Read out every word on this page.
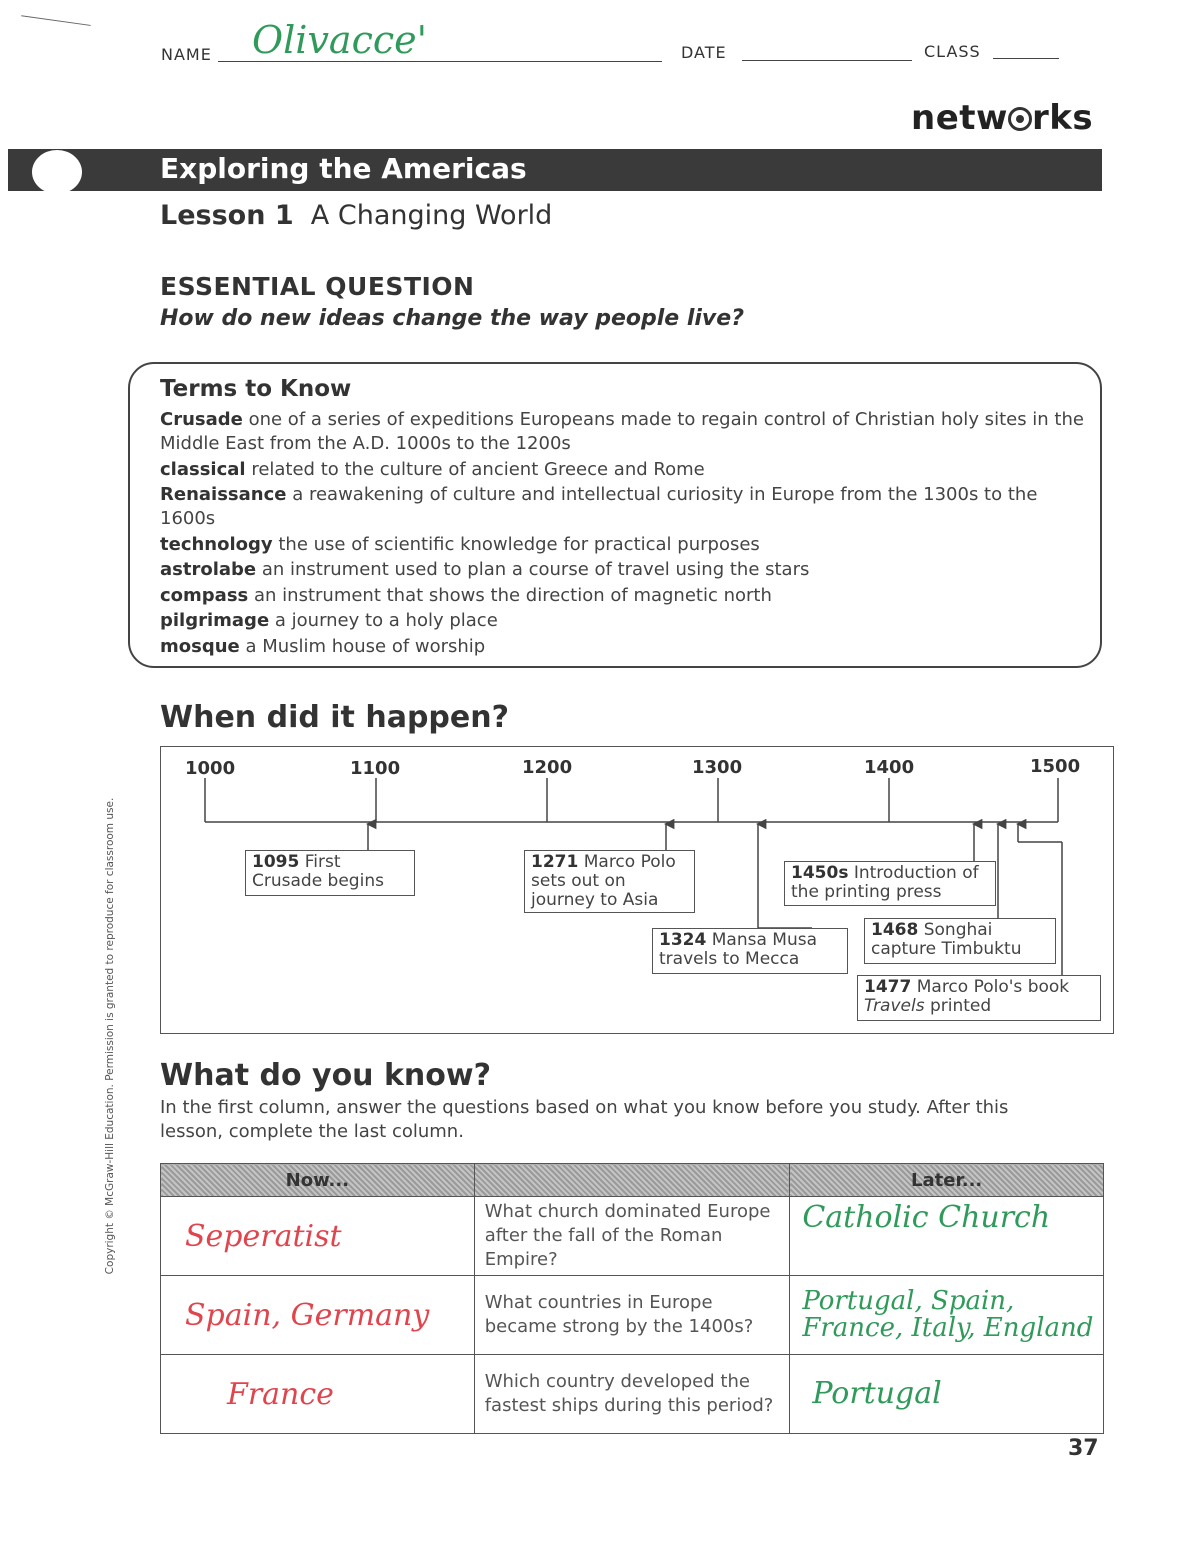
NAME Olivacce'	DATE	CLASS
netw rks
Exploring the Americas
Lesson 1 A Changing World
ESSENTIAL QUESTION
How do new ideas change the way people live?
Terms to Know
Crusade one of a series of expeditions Europeans made to regain control of Christian holy sites in the Middle East from the A.D. 1000s to the 1200s
classical related to the culture of ancient Greece and Rome
Renaissance a reawakening of culture and intellectual curiosity in Europe from the 1300s to the 1600s
technology the use of scientific knowledge for practical purposes
astrolabe an instrument used to plan a course of travel using the stars
compass an instrument that shows the direction of magnetic north
pilgrimage a journey to a holy place
mosque a Muslim house of worship
When did it happen?
1000	1100	1200	1300	1400	1500
1095 First Crusade begins
1271 Marco Polo sets out on journey to Asia
1324 Mansa Musa travels to Mecca
1450s Introduction of the printing press
1468 Songhai capture Timbuktu
1477 Marco Polo's book Travels printed
What do you know?
In the first column, answer the questions based on what you know before you study. After this lesson, complete the last column.
Now...		Later...
Seperatist	What church dominated Europe after the fall of the Roman Empire?	Catholic Church
Spain, Germany	What countries in Europe became strong by the 1400s?	Portugal, Spain, France, Italy, England
France	Which country developed the fastest ships during this period?	Portugal
37
Copyright © McGraw-Hill Education. Permission is granted to reproduce for classroom use.
